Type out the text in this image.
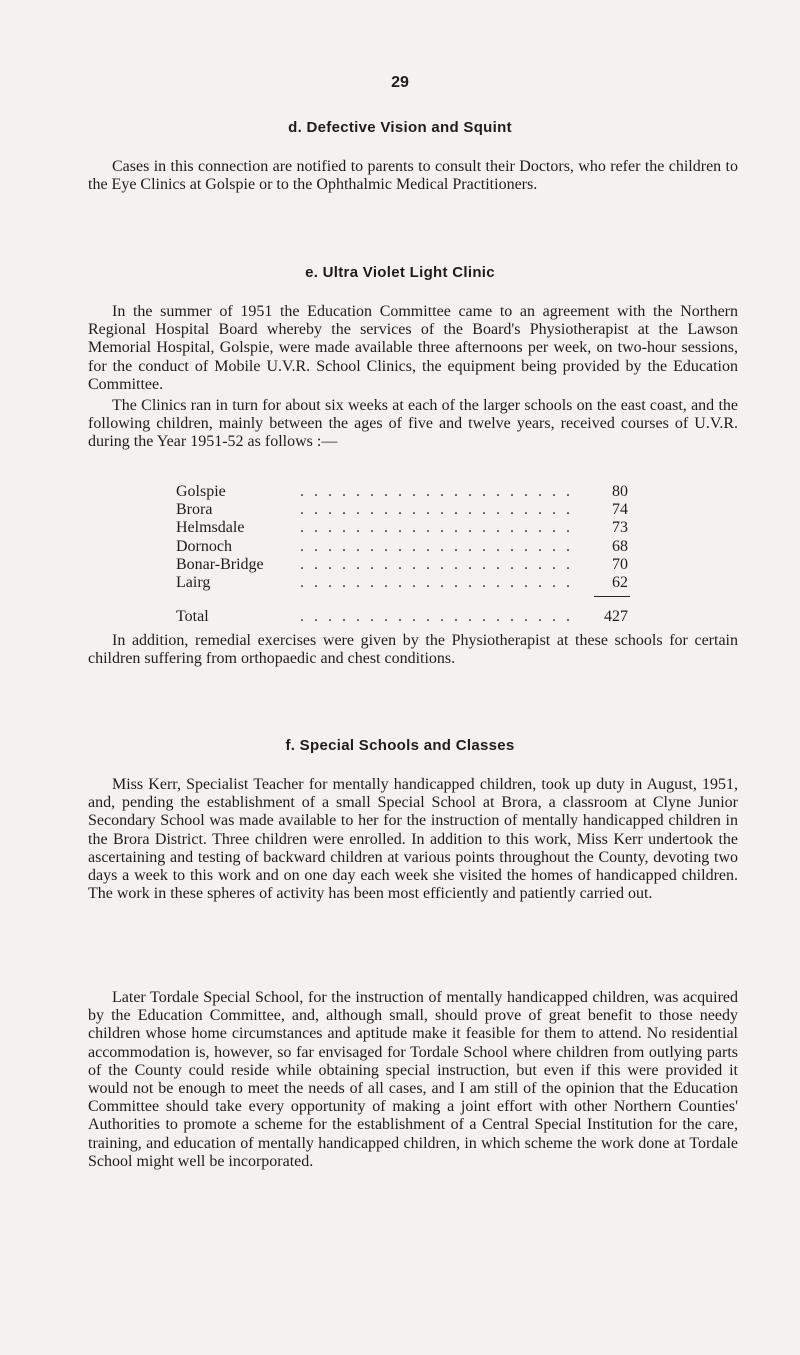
29
d. Defective Vision and Squint

Cases in this connection are notified to parents to consult their Doctors, who refer the children to the Eye Clinics at Golspie or to the Ophthalmic Medical Practitioners.

e. Ultra Violet Light Clinic

In the summer of 1951 the Education Committee came to an agreement with the Northern Regional Hospital Board whereby the services of the Board's Physiotherapist at the Lawson Memorial Hospital, Golspie, were made available three afternoons per week, on two-hour sessions, for the conduct of Mobile U.V.R. School Clinics, the equipment being provided by the Education Committee.

The Clinics ran in turn for about six weeks at each of the larger schools on the east coast, and the following children, mainly between the ages of five and twelve years, received courses of U.V.R. during the Year 1951-52 as follows :—

Golspie	. . . . . . . . . . . . . . . . . . . .	80
Brora	. . . . . . . . . . . . . . . . . . . .	74
Helmsdale	. . . . . . . . . . . . . . . . . . . .	73
Dornoch	. . . . . . . . . . . . . . . . . . . .	68
Bonar-Bridge	. . . . . . . . . . . . . . . . . . . .	70
Lairg	. . . . . . . . . . . . . . . . . . . .	62
Total	. . . . . . . . . . . . . . . . . . . .	427

In addition, remedial exercises were given by the Physiotherapist at these schools for certain children suffering from orthopaedic and chest conditions.

f. Special Schools and Classes

Miss Kerr, Specialist Teacher for mentally handicapped children, took up duty in August, 1951, and, pending the establishment of a small Special School at Brora, a classroom at Clyne Junior Secondary School was made available to her for the instruction of mentally handicapped children in the Brora District. Three children were enrolled. In addition to this work, Miss Kerr undertook the ascertaining and testing of backward children at various points throughout the County, devoting two days a week to this work and on one day each week she visited the homes of handicapped children. The work in these spheres of activity has been most efficiently and patiently carried out.

Later Tordale Special School, for the instruction of mentally handicapped children, was acquired by the Education Committee, and, although small, should prove of great benefit to those needy children whose home circumstances and aptitude make it feasible for them to attend. No residential accommodation is, however, so far envisaged for Tordale School where children from outlying parts of the County could reside while obtaining special instruction, but even if this were provided it would not be enough to meet the needs of all cases, and I am still of the opinion that the Education Committee should take every opportunity of making a joint effort with other Northern Counties' Authorities to promote a scheme for the establishment of a Central Special Institution for the care, training, and education of mentally handicapped children, in which scheme the work done at Tordale School might well be incorporated.
